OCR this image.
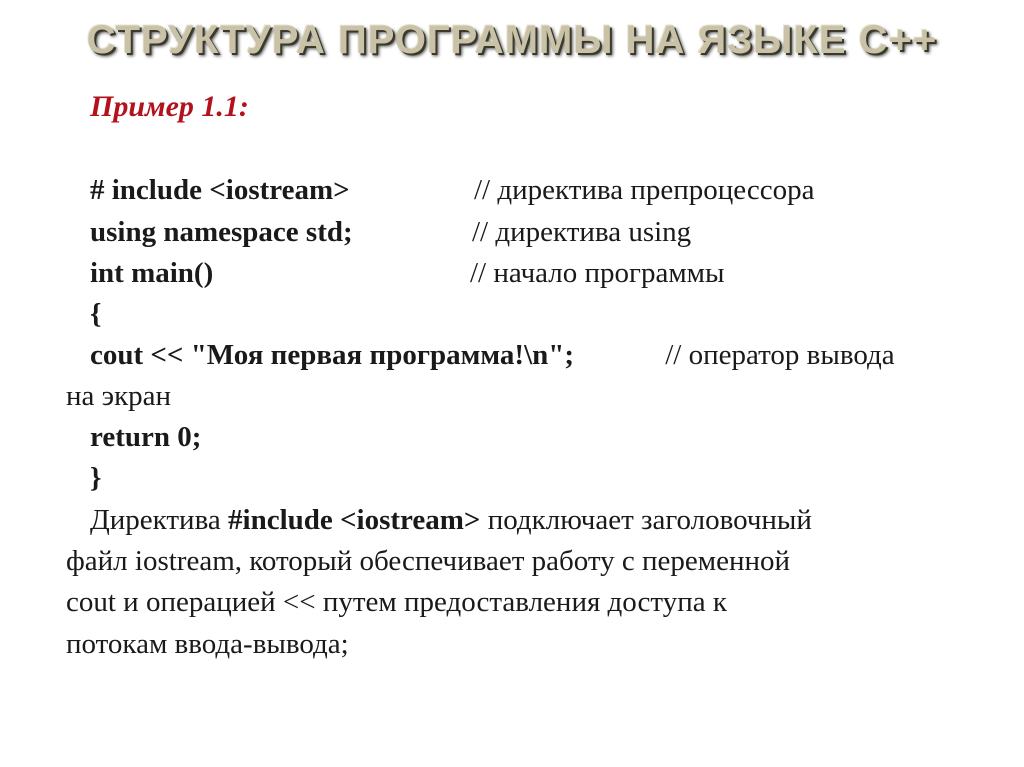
СТРУКТУРА ПРОГРАММЫ НА ЯЗЫКЕ С++

Пример 1.1:

# include <iostream>	// директива препроцессора
using namespace std;	// директива using
int main()	// начало программы
{
cout << "Моя первая программа!\n";	// оператор вывода
на экран
return 0;
}
Директива #include <iostream> подключает заголовочный
файл iostream, который обеспечивает работу с переменной
cout и операцией << путем предоставления доступа к
потокам ввода-вывода;
